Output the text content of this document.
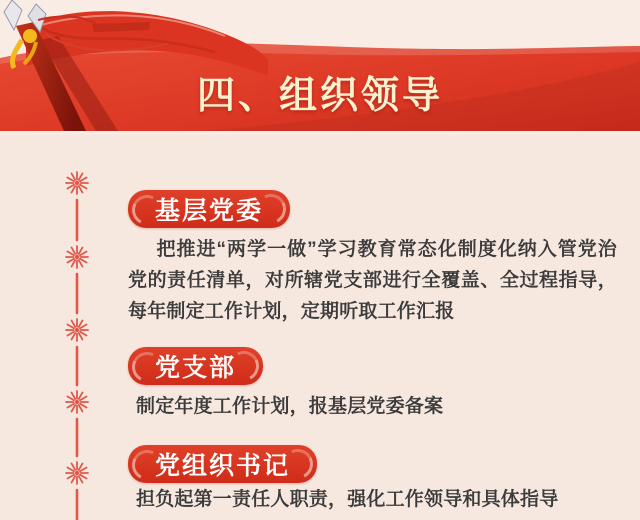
四、组织领导
基层党委
把推进“两学一做”学习教育常态化制度化纳入管党治党的责任清单，对所辖党支部进行全覆盖、全过程指导，每年制定工作计划，定期听取工作汇报
党支部
制定年度工作计划，报基层党委备案
党组织书记
担负起第一责任人职责，强化工作领导和具体指导
